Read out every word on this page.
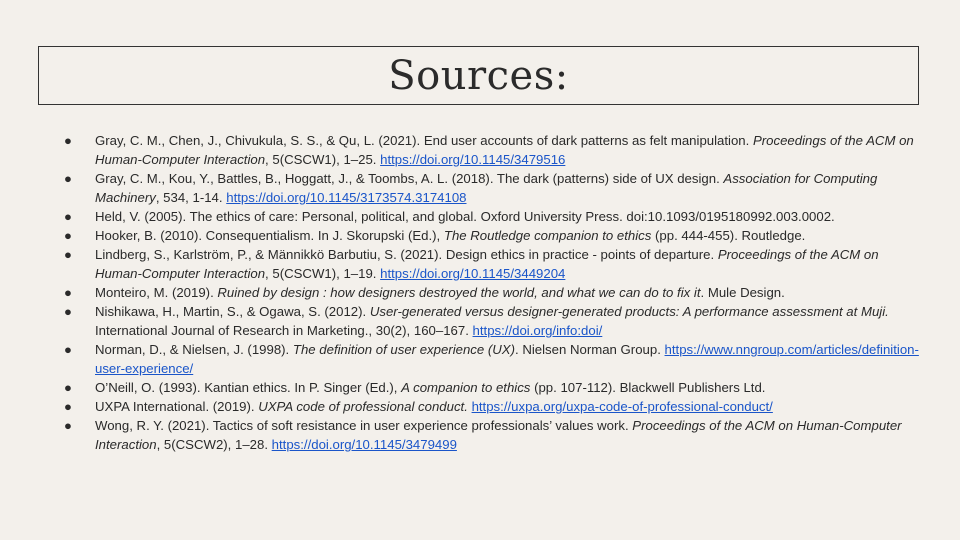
Sources:
● Gray, C. M., Chen, J., Chivukula, S. S., & Qu, L. (2021). End user accounts of dark patterns as felt manipulation. Proceedings of the ACM on Human-Computer Interaction, 5(CSCW1), 1–25. https://doi.org/10.1145/3479516
● Gray, C. M., Kou, Y., Battles, B., Hoggatt, J., & Toombs, A. L. (2018). The dark (patterns) side of UX design. Association for Computing Machinery, 534, 1-14. https://doi.org/10.1145/3173574.3174108
● Held, V. (2005). The ethics of care: Personal, political, and global. Oxford University Press. doi:10.1093/0195180992.003.0002.
● Hooker, B. (2010). Consequentialism. In J. Skorupski (Ed.), The Routledge companion to ethics (pp. 444-455). Routledge.
● Lindberg, S., Karlström, P., & Männikkö Barbutiu, S. (2021). Design ethics in practice - points of departure. Proceedings of the ACM on Human-Computer Interaction, 5(CSCW1), 1–19. https://doi.org/10.1145/3449204
● Monteiro, M. (2019). Ruined by design : how designers destroyed the world, and what we can do to fix it. Mule Design.
● Nishikawa, H., Martin, S., & Ogawa, S. (2012). User-generated versus designer-generated products: A performance assessment at Muji. International Journal of Research in Marketing., 30(2), 160–167. https://doi.org/info:doi/
● Norman, D., & Nielsen, J. (1998). The definition of user experience (UX). Nielsen Norman Group. https://www.nngroup.com/articles/definition-user-experience/
● O’Neill, O. (1993). Kantian ethics. In P. Singer (Ed.), A companion to ethics (pp. 107-112). Blackwell Publishers Ltd.
● UXPA International. (2019). UXPA code of professional conduct. https://uxpa.org/uxpa-code-of-professional-conduct/
● Wong, R. Y. (2021). Tactics of soft resistance in user experience professionals’ values work. Proceedings of the ACM on Human-Computer Interaction, 5(CSCW2), 1–28. https://doi.org/10.1145/3479499
